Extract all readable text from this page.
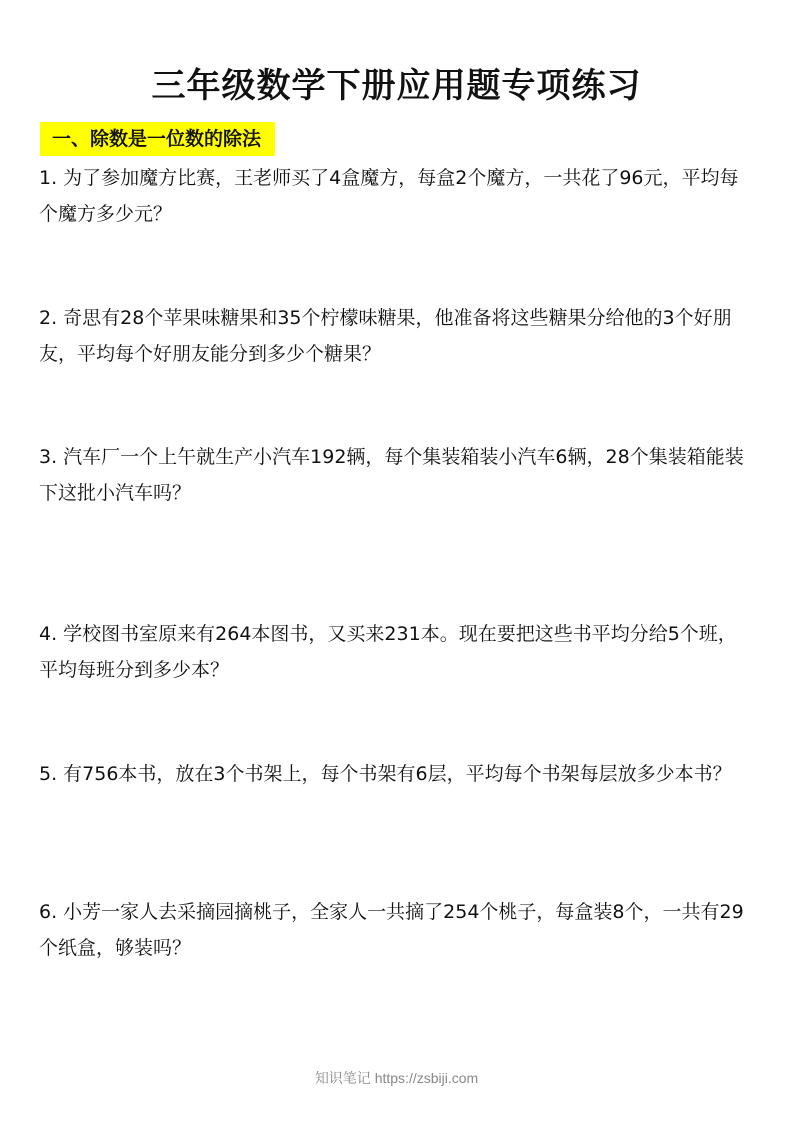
三年级数学下册应用题专项练习
一、除数是一位数的除法

1. 为了参加魔方比赛，王老师买了4盒魔方，每盒2个魔方，一共花了96元，平均每个魔方多少元？

2. 奇思有28个苹果味糖果和35个柠檬味糖果，他准备将这些糖果分给他的3个好朋友，平均每个好朋友能分到多少个糖果？

3. 汽车厂一个上午就生产小汽车192辆，每个集装箱装小汽车6辆，28个集装箱能装下这批小汽车吗？

4. 学校图书室原来有264本图书，又买来231本。现在要把这些书平均分给5个班，平均每班分到多少本？

5. 有756本书，放在3个书架上，每个书架有6层，平均每个书架每层放多少本书？

6. 小芳一家人去采摘园摘桃子，全家人一共摘了254个桃子，每盒装8个，一共有29个纸盒，够装吗？

知识笔记 https://zsbiji.com
